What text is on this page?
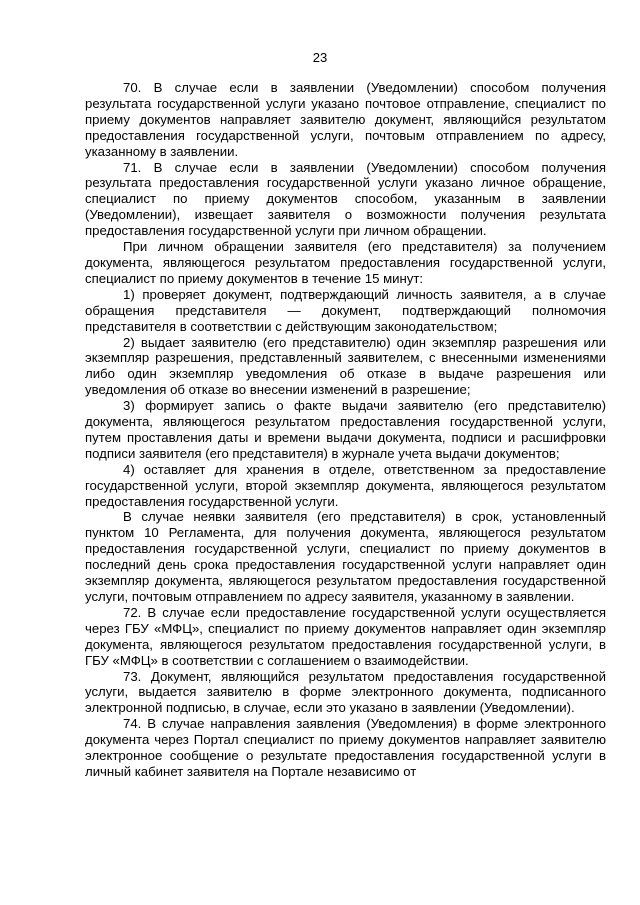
23

70. В случае если в заявлении (Уведомлении) способом получения результата государственной услуги указано почтовое отправление, специалист по приему документов направляет заявителю документ, являющийся результатом предоставления государственной услуги, почтовым отправлением по адресу, указанному в заявлении.

71. В случае если в заявлении (Уведомлении) способом получения результата предоставления государственной услуги указано личное обращение, специалист по приему документов способом, указанным в заявлении (Уведомлении), извещает заявителя о возможности получения результата предоставления государственной услуги при личном обращении.

При личном обращении заявителя (его представителя) за получением документа, являющегося результатом предоставления государственной услуги, специалист по приему документов в течение 15 минут:

1) проверяет документ, подтверждающий личность заявителя, а в случае обращения представителя — документ, подтверждающий полномочия представителя в соответствии с действующим законодательством;

2) выдает заявителю (его представителю) один экземпляр разрешения или экземпляр разрешения, представленный заявителем, с внесенными изменениями либо один экземпляр уведомления об отказе в выдаче разрешения или уведомления об отказе во внесении изменений в разрешение;

3) формирует запись о факте выдачи заявителю (его представителю) документа, являющегося результатом предоставления государственной услуги, путем проставления даты и времени выдачи документа, подписи и расшифровки подписи заявителя (его представителя) в журнале учета выдачи документов;

4) оставляет для хранения в отделе, ответственном за предоставление государственной услуги, второй экземпляр документа, являющегося результатом предоставления государственной услуги.

В случае неявки заявителя (его представителя) в срок, установленный пунктом 10 Регламента, для получения документа, являющегося результатом предоставления государственной услуги, специалист по приему документов в последний день срока предоставления государственной услуги направляет один экземпляр документа, являющегося результатом предоставления государственной услуги, почтовым отправлением по адресу заявителя, указанному в заявлении.

72. В случае если предоставление государственной услуги осуществляется через ГБУ «МФЦ», специалист по приему документов направляет один экземпляр документа, являющегося результатом предоставления государственной услуги, в ГБУ «МФЦ» в соответствии с соглашением о взаимодействии.

73. Документ, являющийся результатом предоставления государственной услуги, выдается заявителю в форме электронного документа, подписанного электронной подписью, в случае, если это указано в заявлении (Уведомлении).

74. В случае направления заявления (Уведомления) в форме электронного документа через Портал специалист по приему документов направляет заявителю электронное сообщение о результате предоставления государственной услуги в личный кабинет заявителя на Портале независимо от
